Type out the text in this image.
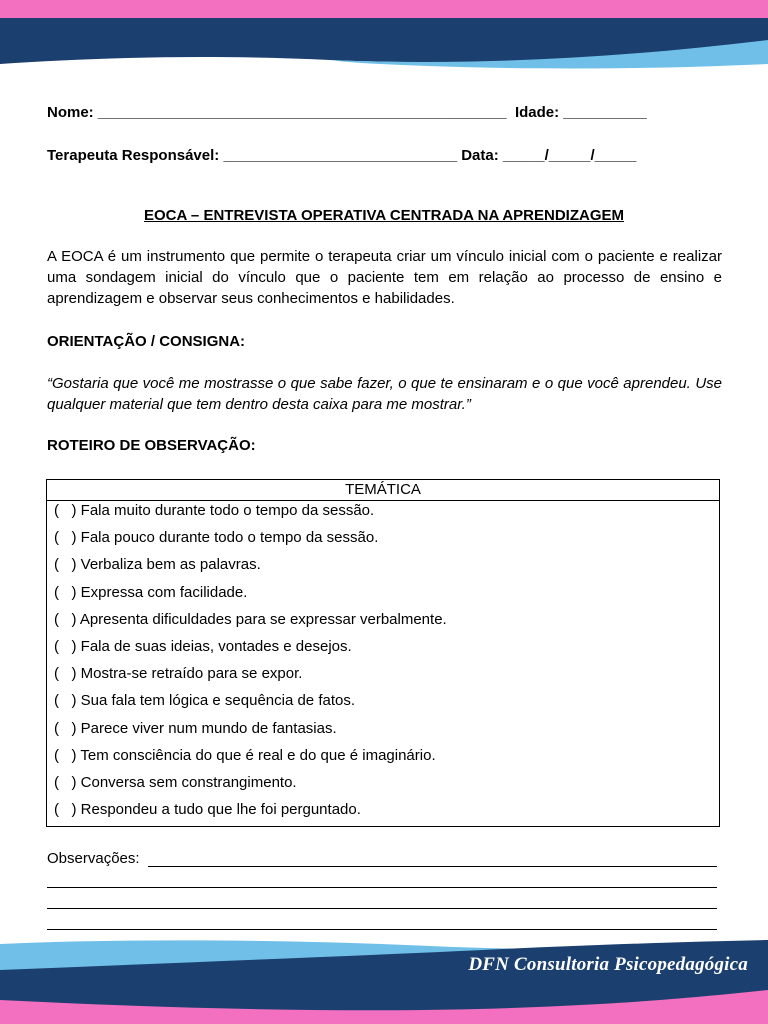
Nome: _________________________________________________  Idade: __________
Terapeuta Responsável: ____________________________ Data: _____/_____/_____
EOCA – ENTREVISTA OPERATIVA CENTRADA NA APRENDIZAGEM
A EOCA é um instrumento que permite o terapeuta criar um vínculo inicial com o paciente e realizar uma sondagem inicial do vínculo que o paciente tem em relação ao processo de ensino e aprendizagem e observar seus conhecimentos e habilidades.
ORIENTAÇÃO / CONSIGNA:
“Gostaria que você me mostrasse o que sabe fazer, o que te ensinaram e o que você aprendeu. Use qualquer material que tem dentro desta caixa para me mostrar.”
ROTEIRO DE OBSERVAÇÃO:
TEMÁTICA
(   ) Fala muito durante todo o tempo da sessão.
(   ) Fala pouco durante todo o tempo da sessão.
(   ) Verbaliza bem as palavras.
(   ) Expressa com facilidade.
(   ) Apresenta dificuldades para se expressar verbalmente.
(   ) Fala de suas ideias, vontades e desejos.
(   ) Mostra-se retraído para se expor.
(   ) Sua fala tem lógica e sequência de fatos.
(   ) Parece viver num mundo de fantasias.
(   ) Tem consciência do que é real e do que é imaginário.
(   ) Conversa sem constrangimento.
(   ) Respondeu a tudo que lhe foi perguntado.
Observações:
DFN Consultoria Psicopedagógica
